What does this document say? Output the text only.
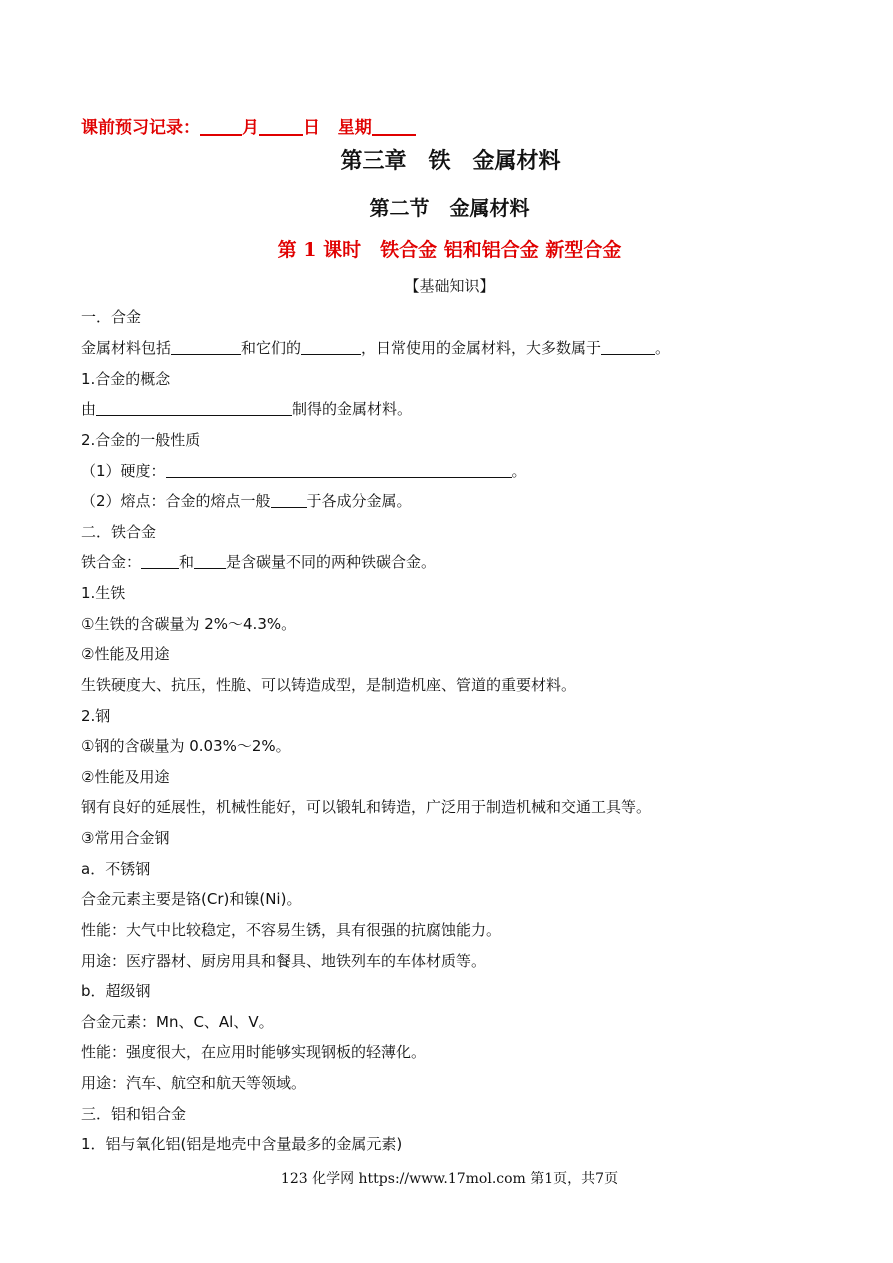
课前预习记录： 月	日 星期
第三章　铁　金属材料
第二节　金属材料
第 1 课时　铁合金 铝和铝合金 新型合金
【基础知识】
一．合金
金属材料包括	和它们的	，日常使用的金属材料，大多数属于	。
1.合金的概念
由	制得的金属材料。
2.合金的一般性质
（1）硬度：	。
（2）熔点：合金的熔点一般 于各成分金属。
二．铁合金
铁合金：	和 是含碳量不同的两种铁碳合金。
1.生铁
①生铁的含碳量为 2%～4.3%。
②性能及用途
生铁硬度大、抗压，性脆、可以铸造成型，是制造机座、管道的重要材料。
2.钢
①钢的含碳量为 0.03%～2%。
②性能及用途
钢有良好的延展性，机械性能好，可以锻轧和铸造，广泛用于制造机械和交通工具等。
③常用合金钢
a．不锈钢
合金元素主要是铬(Cr)和镍(Ni)。
性能：大气中比较稳定，不容易生锈，具有很强的抗腐蚀能力。
用途：医疗器材、厨房用具和餐具、地铁列车的车体材质等。
b．超级钢
合金元素：Mn、C、Al、V。
性能：强度很大，在应用时能够实现钢板的轻薄化。
用途：汽车、航空和航天等领域。
三．铝和铝合金
1．铝与氧化铝(铝是地壳中含量最多的金属元素)
123 化学网 https://www.17mol.com 第1页，共7页
